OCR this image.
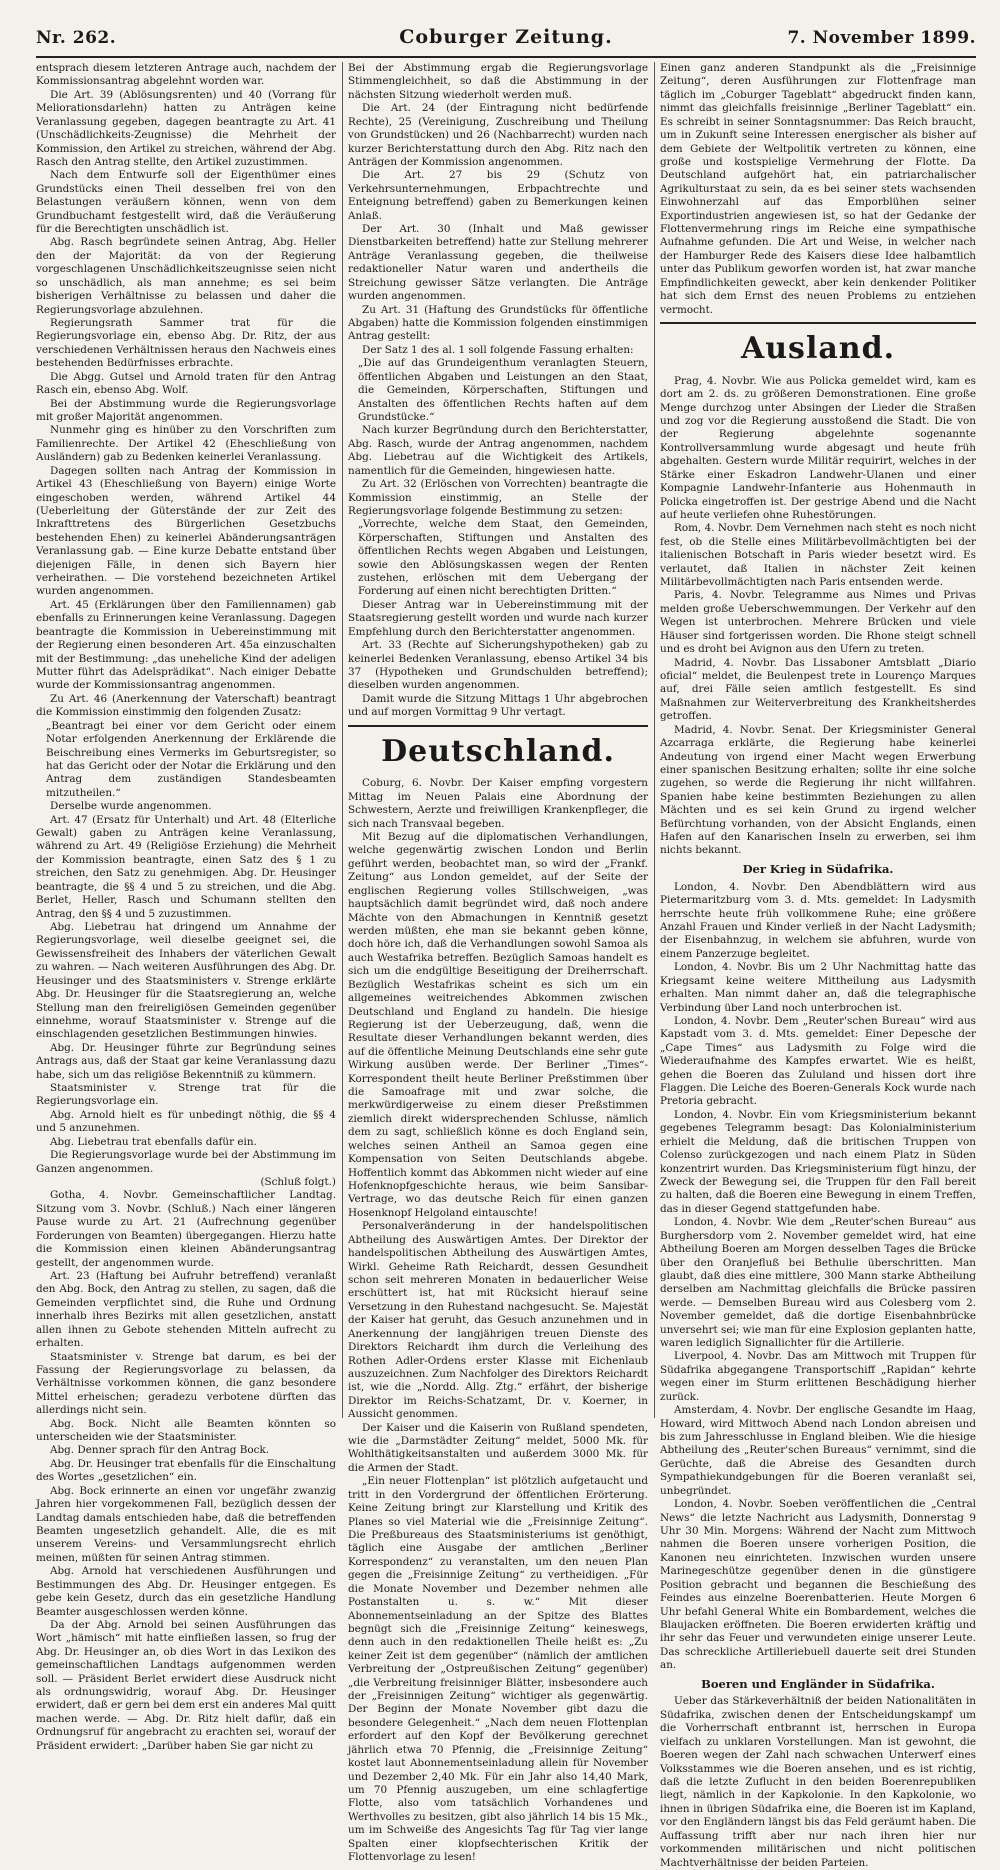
Nr. 262.	Coburger Zeitung.	7. November 1899.

entsprach diesem letzteren Antrage auch, nachdem der Kommissionsantrag abgelehnt worden war.

Die Art. 39 (Ablösungsrenten) und 40 (Vorrang für Meliorationsdarlehn) hatten zu Anträgen keine Veranlassung gegeben, dagegen beantragte zu Art. 41 (Unschädlichkeits-Zeugnisse) die Mehrheit der Kommission, den Artikel zu streichen, während der Abg. Rasch den Antrag stellte, den Artikel zuzustimmen.

Nach dem Entwurfe soll der Eigenthümer eines Grundstücks einen Theil desselben frei von den Belastungen veräußern können, wenn von dem Grundbuchamt festgestellt wird, daß die Veräußerung für die Berechtigten unschädlich ist.

Abg. Rasch begründete seinen Antrag, Abg. Heller den der Majorität: da von der Regierung vorgeschlagenen Unschädlichkeitszeugnisse seien nicht so unschädlich, als man annehme; es sei beim bisherigen Verhältnisse zu belassen und daher die Regierungsvorlage abzulehnen.

Regierungsrath Sammer trat für die Regierungsvorlage ein, ebenso Abg. Dr. Ritz, der aus verschiedenen Verhältnissen heraus den Nachweis eines bestehenden Bedürfnisses erbrachte.

Die Abgg. Gutsel und Arnold traten für den Antrag Rasch ein, ebenso Abg. Wolf.

Bei der Abstimmung wurde die Regierungsvorlage mit großer Majorität angenommen.

Nunmehr ging es hinüber zu den Vorschriften zum Familienrechte. Der Artikel 42 (Eheschließung von Ausländern) gab zu Bedenken keinerlei Veranlassung.

Dagegen sollten nach Antrag der Kommission in Artikel 43 (Eheschließung von Bayern) einige Worte eingeschoben werden, während Artikel 44 (Ueberleitung der Güterstände der zur Zeit des Inkrafttretens des Bürgerlichen Gesetzbuchs bestehenden Ehen) zu keinerlei Abänderungsanträgen Veranlassung gab. — Eine kurze Debatte entstand über diejenigen Fälle, in denen sich Bayern hier verheirathen. — Die vorstehend bezeichneten Artikel wurden angenommen.

Art. 45 (Erklärungen über den Familiennamen) gab ebenfalls zu Erinnerungen keine Veranlassung. Dagegen beantragte die Kommission in Uebereinstimmung mit der Regierung einen besonderen Art. 45a einzuschalten mit der Bestimmung: „das uneheliche Kind der adeligen Mutter führt das Adelsprädikat“. Nach einiger Debatte wurde der Kommissionsantrag angenommen.

Zu Art. 46 (Anerkennung der Vaterschaft) beantragt die Kommission einstimmig den folgenden Zusatz:

„Beantragt bei einer vor dem Gericht oder einem Notar erfolgenden Anerkennung der Erklärende die Beischreibung eines Vermerks im Geburtsregister, so hat das Gericht oder der Notar die Erklärung und den Antrag dem zuständigen Standesbeamten mitzutheilen.“

Derselbe wurde angenommen.

Art. 47 (Ersatz für Unterhalt) und Art. 48 (Elterliche Gewalt) gaben zu Anträgen keine Veranlassung, während zu Art. 49 (Religiöse Erziehung) die Mehrheit der Kommission beantragte, einen Satz des § 1 zu streichen, den Satz zu genehmigen. Abg. Dr. Heusinger beantragte, die §§ 4 und 5 zu streichen, und die Abg. Berlet, Heller, Rasch und Schumann stellten den Antrag, den §§ 4 und 5 zuzustimmen.

Abg. Liebetrau hat dringend um Annahme der Regierungsvorlage, weil dieselbe geeignet sei, die Gewissensfreiheit des Inhabers der väterlichen Gewalt zu wahren. — Nach weiteren Ausführungen des Abg. Dr. Heusinger und des Staatsministers v. Strenge erklärte Abg. Dr. Heusinger für die Staatsregierung an, welche Stellung man den freireligiösen Gemeinden gegenüber einnehme, worauf Staatsminister v. Strenge auf die einschlagenden gesetzlichen Bestimmungen hinwies.

Abg. Dr. Heusinger führte zur Begründung seines Antrags aus, daß der Staat gar keine Veranlassung dazu habe, sich um das religiöse Bekenntniß zu kümmern.

Staatsminister v. Strenge trat für die Regierungsvorlage ein.

Abg. Arnold hielt es für unbedingt nöthig, die §§ 4 und 5 anzunehmen.

Abg. Liebetrau trat ebenfalls dafür ein.

Die Regierungsvorlage wurde bei der Abstimmung im Ganzen angenommen.

(Schluß folgt.)

Gotha, 4. Novbr. Gemeinschaftlicher Landtag. Sitzung vom 3. Novbr. (Schluß.) Nach einer längeren Pause wurde zu Art. 21 (Aufrechnung gegenüber Forderungen von Beamten) übergegangen. Hierzu hatte die Kommission einen kleinen Abänderungsantrag gestellt, der angenommen wurde.

Art. 23 (Haftung bei Aufruhr betreffend) veranlaßt den Abg. Bock, den Antrag zu stellen, zu sagen, daß die Gemeinden verpflichtet sind, die Ruhe und Ordnung innerhalb ihres Bezirks mit allen gesetzlichen, anstatt allen ihnen zu Gebote stehenden Mitteln aufrecht zu erhalten.

Staatsminister v. Strenge bat darum, es bei der Fassung der Regierungsvorlage zu belassen, da Verhältnisse vorkommen können, die ganz besondere Mittel erheischen; geradezu verbotene dürften das allerdings nicht sein.

Abg. Bock. Nicht alle Beamten könnten so unterscheiden wie der Staatsminister.

Abg. Denner sprach für den Antrag Bock.

Abg. Dr. Heusinger trat ebenfalls für die Einschaltung des Wortes „gesetzlichen“ ein.

Abg. Bock erinnerte an einen vor ungefähr zwanzig Jahren hier vorgekommenen Fall, bezüglich dessen der Landtag damals entschieden habe, daß die betreffenden Beamten ungesetzlich gehandelt. Alle, die es mit unserem Vereins- und Versammlungsrecht ehrlich meinen, müßten für seinen Antrag stimmen.

Abg. Arnold hat verschiedenen Ausführungen und Bestimmungen des Abg. Dr. Heusinger entgegen. Es gebe kein Gesetz, durch das ein gesetzliche Handlung Beamter ausgeschlossen werden könne.

Da der Abg. Arnold bei seinen Ausführungen das Wort „hämisch“ mit hatte einfließen lassen, so frug der Abg. Dr. Heusinger an, ob dies Wort in das Lexikon des gemeinschaftlichen Landtags aufgenommen werden soll. — Präsident Berlet erwidert diese Ausdruck nicht als ordnungswidrig, worauf Abg. Dr. Heusinger erwidert, daß er gern bei dem erst ein anderes Mal quitt machen werde. — Abg. Dr. Ritz hielt dafür, daß ein Ordnungsruf für angebracht zu erachten sei, worauf der Präsident erwidert: „Darüber haben Sie gar nicht zu

Bei der Abstimmung ergab die Regierungsvorlage Stimmengleichheit, so daß die Abstimmung in der nächsten Sitzung wiederholt werden muß.

Die Art. 24 (der Eintragung nicht bedürfende Rechte), 25 (Vereinigung, Zuschreibung und Theilung von Grundstücken) und 26 (Nachbarrecht) wurden nach kurzer Berichterstattung durch den Abg. Ritz nach den Anträgen der Kommission angenommen.

Die Art. 27 bis 29 (Schutz von Verkehrsunternehmungen, Erbpachtrechte und Enteignung betreffend) gaben zu Bemerkungen keinen Anlaß.

Der Art. 30 (Inhalt und Maß gewisser Dienstbarkeiten betreffend) hatte zur Stellung mehrerer Anträge Veranlassung gegeben, die theilweise redaktioneller Natur waren und andertheils die Streichung gewisser Sätze verlangten. Die Anträge wurden angenommen.

Zu Art. 31 (Haftung des Grundstücks für öffentliche Abgaben) hatte die Kommission folgenden einstimmigen Antrag gestellt:

Der Satz 1 des al. 1 soll folgende Fassung erhalten:

„Die auf das Grundeigenthum veranlagten Steuern, öffentlichen Abgaben und Leistungen an den Staat, die Gemeinden, Körperschaften, Stiftungen und Anstalten des öffentlichen Rechts haften auf dem Grundstücke.“

Nach kurzer Begründung durch den Berichterstatter, Abg. Rasch, wurde der Antrag angenommen, nachdem Abg. Liebetrau auf die Wichtigkeit des Artikels, namentlich für die Gemeinden, hingewiesen hatte.

Zu Art. 32 (Erlöschen von Vorrechten) beantragte die Kommission einstimmig, an Stelle der Regierungsvorlage folgende Bestimmung zu setzen:

„Vorrechte, welche dem Staat, den Gemeinden, Körperschaften, Stiftungen und Anstalten des öffentlichen Rechts wegen Abgaben und Leistungen, sowie den Ablösungskassen wegen der Renten zustehen, erlöschen mit dem Uebergang der Forderung auf einen nicht berechtigten Dritten.“

Dieser Antrag war in Uebereinstimmung mit der Staatsregierung gestellt worden und wurde nach kurzer Empfehlung durch den Berichterstatter angenommen.

Art. 33 (Rechte auf Sicherungshypotheken) gab zu keinerlei Bedenken Veranlassung, ebenso Artikel 34 bis 37 (Hypotheken und Grundschulden betreffend); dieselben wurden angenommen.

Damit wurde die Sitzung Mittags 1 Uhr abgebrochen und auf morgen Vormittag 9 Uhr vertagt.

Deutschland.

Coburg, 6. Novbr. Der Kaiser empfing vorgestern Mittag im Neuen Palais eine Abordnung der Schwestern, Aerzte und freiwilligen Krankenpfleger, die sich nach Transvaal begeben.

Mit Bezug auf die diplomatischen Verhandlungen, welche gegenwärtig zwischen London und Berlin geführt werden, beobachtet man, so wird der „Frankf. Zeitung“ aus London gemeldet, auf der Seite der englischen Regierung volles Stillschweigen, „was hauptsächlich damit begründet wird, daß noch andere Mächte von den Abmachungen in Kenntniß gesetzt werden müßten, ehe man sie bekannt geben könne, doch höre ich, daß die Verhandlungen sowohl Samoa als auch Westafrika betreffen. Bezüglich Samoas handelt es sich um die endgültige Beseitigung der Dreiherrschaft. Bezüglich Westafrikas scheint es sich um ein allgemeines weitreichendes Abkommen zwischen Deutschland und England zu handeln. Die hiesige Regierung ist der Ueberzeugung, daß, wenn die Resultate dieser Verhandlungen bekannt werden, dies auf die öffentliche Meinung Deutschlands eine sehr gute Wirkung ausüben werde. Der Berliner „Times“-Korrespondent theilt heute Berliner Preßstimmen über die Samoafrage mit und zwar solche, die merkwürdigerweise zu einem dieser Preßstimmen ziemlich direkt widersprechenden Schlusse, nämlich dem zu sagt, schließlich könne es doch England sein, welches seinen Antheil an Samoa gegen eine Kompensation von Seiten Deutschlands abgebe. Hoffentlich kommt das Abkommen nicht wieder auf eine Hofenknopfgeschichte heraus, wie beim Sansibar-Vertrage, wo das deutsche Reich für einen ganzen Hosenknopf Helgoland eintauschte!

Personalveränderung in der handelspolitischen Abtheilung des Auswärtigen Amtes. Der Direktor der handelspolitischen Abtheilung des Auswärtigen Amtes, Wirkl. Geheime Rath Reichardt, dessen Gesundheit schon seit mehreren Monaten in bedauerlicher Weise erschüttert ist, hat mit Rücksicht hierauf seine Versetzung in den Ruhestand nachgesucht. Se. Majestät der Kaiser hat geruht, das Gesuch anzunehmen und in Anerkennung der langjährigen treuen Dienste des Direktors Reichardt ihm durch die Verleihung des Rothen Adler-Ordens erster Klasse mit Eichenlaub auszuzeichnen. Zum Nachfolger des Direktors Reichardt ist, wie die „Nordd. Allg. Ztg.“ erfährt, der bisherige Direktor im Reichs-Schatzamt, Dr. v. Koerner, in Aussicht genommen.

Der Kaiser und die Kaiserin von Rußland spendeten, wie die „Darmstädter Zeitung“ meldet, 5000 Mk. für Wohlthätigkeitsanstalten und außerdem 3000 Mk. für die Armen der Stadt.

„Ein neuer Flottenplan“ ist plötzlich aufgetaucht und tritt in den Vordergrund der öffentlichen Erörterung. Keine Zeitung bringt zur Klarstellung und Kritik des Planes so viel Material wie die „Freisinnige Zeitung“. Die Preßbureaus des Staatsministeriums ist genöthigt, täglich eine Ausgabe der amtlichen „Berliner Korrespondenz“ zu veranstalten, um den neuen Plan gegen die „Freisinnige Zeitung“ zu vertheidigen. „Für die Monate November und Dezember nehmen alle Postanstalten u. s. w.“ Mit dieser Abonnementseinladung an der Spitze des Blattes begnügt sich die „Freisinnige Zeitung“ keineswegs, denn auch in den redaktionellen Theile heißt es: „Zu keiner Zeit ist dem gegenüber“ (nämlich der amtlichen Verbreitung der „Ostpreußischen Zeitung“ gegenüber) „die Verbreitung freisinniger Blätter, insbesondere auch der „Freisinnigen Zeitung“ wichtiger als gegenwärtig. Der Beginn der Monate November gibt dazu die besondere Gelegenheit.“ „Nach dem neuen Flottenplan erfordert auf den Kopf der Bevölkerung gerechnet jährlich etwa 70 Pfennig, die „Freisinnige Zeitung“ kostet laut Abonnementseinladung allein für November und Dezember 2,40 Mk. Für ein Jahr also 14,40 Mark, um 70 Pfennig auszugeben, um eine schlagfertige Flotte, also vom tatsächlich Vorhandenes und Werthvolles zu besitzen, gibt also jährlich 14 bis 15 Mk., um im Schweiße des Angesichts Tag für Tag vier lange Spalten einer klopfsechterischen Kritik der Flottenvorlage zu lesen!

Einen ganz anderen Standpunkt als die „Freisinnige Zeitung“, deren Ausführungen zur Flottenfrage man täglich im „Coburger Tageblatt“ abgedruckt finden kann, nimmt das gleichfalls freisinnige „Berliner Tageblatt“ ein. Es schreibt in seiner Sonntagsnummer: Das Reich braucht, um in Zukunft seine Interessen energischer als bisher auf dem Gebiete der Weltpolitik vertreten zu können, eine große und kostspielige Vermehrung der Flotte. Da Deutschland aufgehört hat, ein patriarchalischer Agrikulturstaat zu sein, da es bei seiner stets wachsenden Einwohnerzahl auf das Emporblühen seiner Exportindustrien angewiesen ist, so hat der Gedanke der Flottenvermehrung rings im Reiche eine sympathische Aufnahme gefunden. Die Art und Weise, in welcher nach der Hamburger Rede des Kaisers diese Idee halbamtlich unter das Publikum geworfen worden ist, hat zwar manche Empfindlichkeiten geweckt, aber kein denkender Politiker hat sich dem Ernst des neuen Problems zu entziehen vermocht.

Ausland.

Prag, 4. Novbr. Wie aus Policka gemeldet wird, kam es dort am 2. ds. zu größeren Demonstrationen. Eine große Menge durchzog unter Absingen der Lieder die Straßen und zog vor die Regierung ausstoßend die Stadt. Die von der Regierung abgelehnte sogenannte Kontrollversammlung wurde abgesagt und heute früh abgehalten. Gestern wurde Militär requirirt, welches in der Stärke einer Eskadron Landwehr-Ulanen und einer Kompagnie Landwehr-Infanterie aus Hohenmauth in Policka eingetroffen ist. Der gestrige Abend und die Nacht auf heute verliefen ohne Ruhestörungen.

Rom, 4. Novbr. Dem Vernehmen nach steht es noch nicht fest, ob die Stelle eines Militärbevollmächtigten bei der italienischen Botschaft in Paris wieder besetzt wird. Es verlautet, daß Italien in nächster Zeit keinen Militärbevollmächtigten nach Paris entsenden werde.

Paris, 4. Novbr. Telegramme aus Nimes und Privas melden große Ueberschwemmungen. Der Verkehr auf den Wegen ist unterbrochen. Mehrere Brücken und viele Häuser sind fortgerissen worden. Die Rhone steigt schnell und es droht bei Avignon aus den Ufern zu treten.

Madrid, 4. Novbr. Das Lissaboner Amtsblatt „Diario oficial“ meldet, die Beulenpest trete in Lourenço Marques auf, drei Fälle seien amtlich festgestellt. Es sind Maßnahmen zur Weiterverbreitung des Krankheitsherdes getroffen.

Madrid, 4. Novbr. Senat. Der Kriegsminister General Azcarraga erklärte, die Regierung habe keinerlei Andeutung von irgend einer Macht wegen Erwerbung einer spanischen Besitzung erhalten; sollte ihr eine solche zugehen, so werde die Regierung ihr nicht willfahren. Spanien habe keine bestimmten Beziehungen zu allen Mächten und es sei kein Grund zu irgend welcher Befürchtung vorhanden, von der Absicht Englands, einen Hafen auf den Kanarischen Inseln zu erwerben, sei ihm nichts bekannt.

Der Krieg in Südafrika.

London, 4. Novbr. Den Abendblättern wird aus Pietermaritzburg vom 3. d. Mts. gemeldet: In Ladysmith herrschte heute früh vollkommene Ruhe; eine größere Anzahl Frauen und Kinder verließ in der Nacht Ladysmith; der Eisenbahnzug, in welchem sie abfuhren, wurde von einem Panzerzuge begleitet.

London, 4. Novbr. Bis um 2 Uhr Nachmittag hatte das Kriegsamt keine weitere Mittheilung aus Ladysmith erhalten. Man nimmt daher an, daß die telegraphische Verbindung über Land noch unterbrochen ist.

London, 4. Novbr. Dem „Reuter'schen Bureau“ wird aus Kapstadt vom 3. d. Mts. gemeldet: Einer Depesche der „Cape Times“ aus Ladysmith zu Folge wird die Wiederaufnahme des Kampfes erwartet. Wie es heißt, gehen die Boeren das Zululand und hissen dort ihre Flaggen. Die Leiche des Boeren-Generals Kock wurde nach Pretoria gebracht.

London, 4. Novbr. Ein vom Kriegsministerium bekannt gegebenes Telegramm besagt: Das Kolonialministerium erhielt die Meldung, daß die britischen Truppen von Colenso zurückgezogen und nach einem Platz in Süden konzentrirt wurden. Das Kriegsministerium fügt hinzu, der Zweck der Bewegung sei, die Truppen für den Fall bereit zu halten, daß die Boeren eine Bewegung in einem Treffen, das in dieser Gegend stattgefunden habe.

London, 4. Novbr. Wie dem „Reuter'schen Bureau“ aus Burghersdorp vom 2. November gemeldet wird, hat eine Abtheilung Boeren am Morgen desselben Tages die Brücke über den Oranjefluß bei Bethulie überschritten. Man glaubt, daß dies eine mittlere, 300 Mann starke Abtheilung derselben am Nachmittag gleichfalls die Brücke passiren werde. — Demselben Bureau wird aus Colesberg vom 2. November gemeldet, daß die dortige Eisenbahnbrücke unversehrt sei; wie man für eine Explosion geplanten hatte, waren lediglich Signallichter für die Artillerie.

Liverpool, 4. Novbr. Das am Mittwoch mit Truppen für Südafrika abgegangene Transportschiff „Rapidan“ kehrte wegen einer im Sturm erlittenen Beschädigung hierher zurück.

Amsterdam, 4. Novbr. Der englische Gesandte im Haag, Howard, wird Mittwoch Abend nach London abreisen und bis zum Jahresschlusse in England bleiben. Wie die hiesige Abtheilung des „Reuter'schen Bureaus“ vernimmt, sind die Gerüchte, daß die Abreise des Gesandten durch Sympathiekundgebungen für die Boeren veranlaßt sei, unbegründet.

London, 4. Novbr. Soeben veröffentlichen die „Central News“ die letzte Nachricht aus Ladysmith, Donnerstag 9 Uhr 30 Min. Morgens: Während der Nacht zum Mittwoch nahmen die Boeren unsere vorherigen Position, die Kanonen neu einrichteten. Inzwischen wurden unsere Marinegeschütze gegenüber denen in die günstigere Position gebracht und begannen die Beschießung des Feindes aus einzelne Boerenbatterien. Heute Morgen 6 Uhr befahl General White ein Bombardement, welches die Blaujacken eröffneten. Die Boeren erwiderten kräftig und ihr sehr das Feuer und verwundeten einige unserer Leute. Das schreckliche Artilleriebuell dauerte seit drei Stunden an.

Boeren und Engländer in Südafrika.

Ueber das Stärkeverhältniß der beiden Nationalitäten in Südafrika, zwischen denen der Entscheidungskampf um die Vorherrschaft entbrannt ist, herrschen in Europa vielfach zu unklaren Vorstellungen. Man ist gewohnt, die Boeren wegen der Zahl nach schwachen Unterwerf eines Volksstammes wie die Boeren ansehen, und es ist richtig, daß die letzte Zuflucht in den beiden Boerenrepubliken liegt, nämlich in der Kapkolonie. In den Kapkolonie, wo ihnen in übrigen Südafrika eine, die Boeren ist im Kapland, vor den Engländern längst bis das Feld geräumt haben. Die Auffassung trifft aber nur nach ihren hier nur vorkommenden militärischen und nicht politischen Machtverhältnisse der beiden Parteien.
